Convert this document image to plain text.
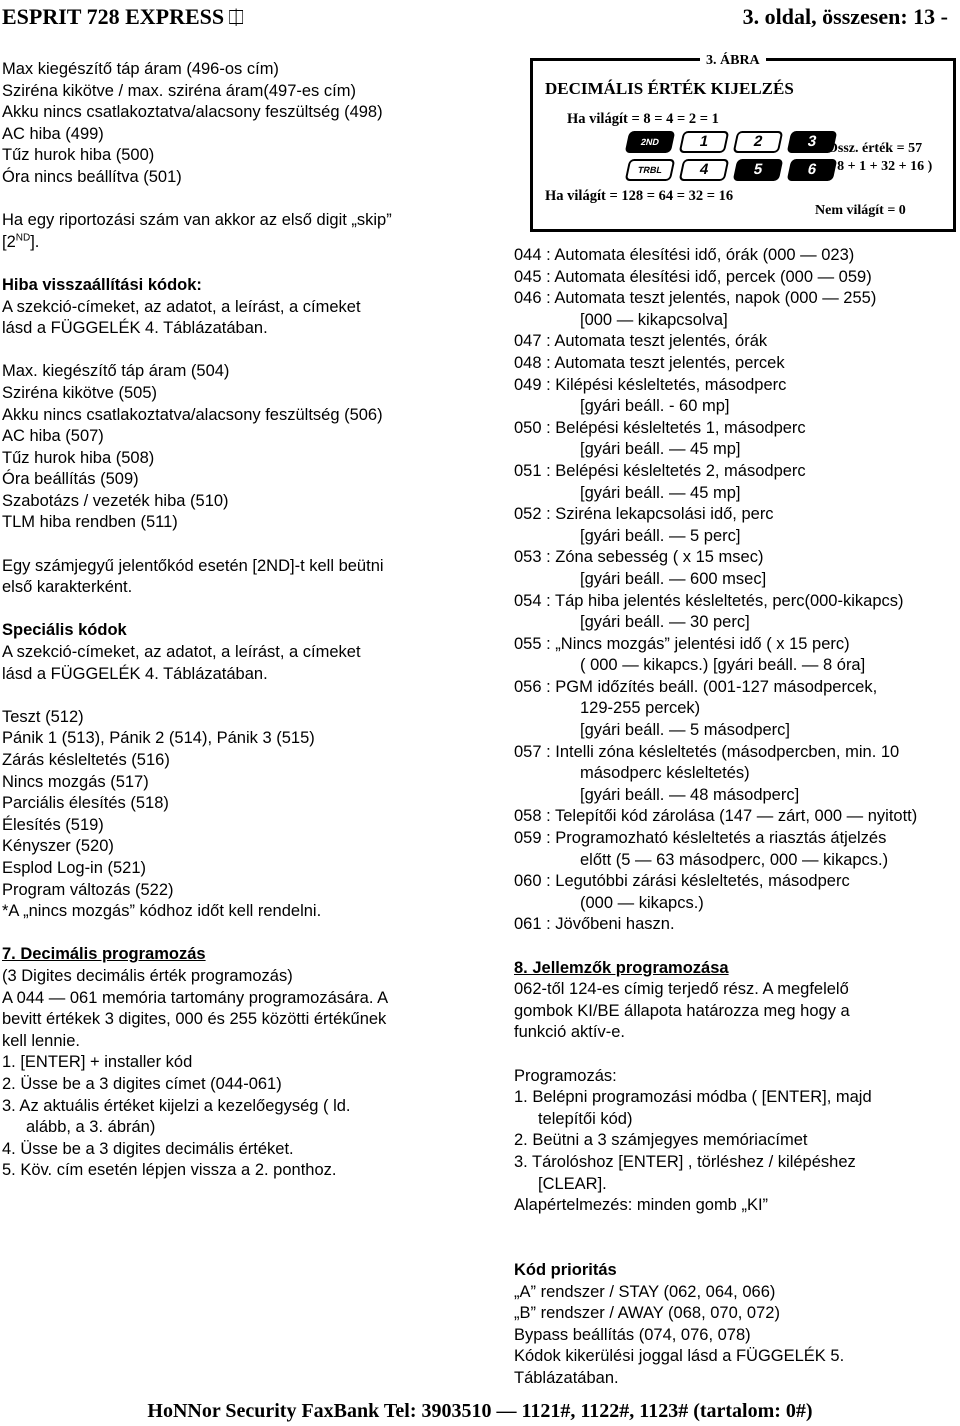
ESPRIT 728 EXPRESS ⎅	3. oldal, összesen: 13 -
Max kiegészítő táp áram (496-os cím)
Sziréna kikötve / max. sziréna áram(497-es cím)
Akku nincs csatlakoztatva/alacsony feszültség (498)
AC hiba (499)
Tűz hurok hiba (500)
Óra nincs beállítva (501)
Ha egy riportozási szám van akkor az első digit „skip”
[2ND].
Hiba visszaállítási kódok:
A szekció-címeket, az adatot, a leírást, a címeket
lásd a FÜGGELÉK 4. Táblázatában.
Max. kiegészítő táp áram (504)
Sziréna kikötve (505)
Akku nincs csatlakoztatva/alacsony feszültség (506)
AC hiba (507)
Tűz hurok hiba (508)
Óra beállítás (509)
Szabotázs / vezeték hiba (510)
TLM hiba rendben (511)
Egy számjegyű jelentőkód esetén [2ND]-t kell beütni
első karakterként.
Speciális kódok
A szekció-címeket, az adatot, a leírást, a címeket
lásd a FÜGGELÉK 4. Táblázatában.
Teszt (512)
Pánik 1 (513), Pánik 2 (514), Pánik 3 (515)
Zárás késleltetés (516)
Nincs mozgás (517)
Parciális élesítés (518)
Élesítés (519)
Kényszer (520)
Esplod Log-in (521)
Program változás (522)
*A „nincs mozgás” kódhoz időt kell rendelni.
7. Decimális programozás
(3 Digites decimális érték programozás)
A 044 — 061 memória tartomány programozására. A
bevitt értékek 3 digites, 000 és 255 közötti értékűnek
kell lennie.
1. [ENTER] + installer kód
2. Üsse be a 3 digites címet (044-061)
3. Az aktuális értéket kijelzi a kezelőegység ( ld.
alább, a 3. ábrán)
4. Üsse be a 3 digites decimális értéket.
5. Köv. cím esetén lépjen vissza a 2. ponthoz.
DECIMÁLIS ÉRTÉK KIJELZÉS
Ha világít = 8 = 4 = 2 = 1
2ND	1	2	3
TRBL	4	5	6
Össz. érték = 57
( 8 + 1 + 32 + 16 )
Ha világít = 128 = 64 = 32 = 16
Nem világít = 0
3. ÁBRA
044 : Automata élesítési idő, órák (000 — 023)
045 : Automata élesítési idő, percek (000 — 059)
046 : Automata teszt jelentés, napok (000 — 255)
[000 — kikapcsolva]
047 : Automata teszt jelentés, órák
048 : Automata teszt jelentés, percek
049 : Kilépési késleltetés, másodperc
[gyári beáll. - 60 mp]
050 : Belépési késleltetés 1, másodperc
[gyári beáll. — 45 mp]
051 : Belépési késleltetés 2, másodperc
[gyári beáll. — 45 mp]
052 : Sziréna lekapcsolási idő, perc
[gyári beáll. — 5 perc]
053 : Zóna sebesség ( x 15 msec)
[gyári beáll. — 600 msec]
054 : Táp hiba jelentés késleltetés, perc(000-kikapcs)
[gyári beáll. — 30 perc]
055 : „Nincs mozgás” jelentési idő ( x 15 perc)
( 000 — kikapcs.) [gyári beáll. — 8 óra]
056 : PGM időzítés beáll. (001-127 másodpercek,
129-255 percek)
[gyári beáll. — 5 másodperc]
057 : Intelli zóna késleltetés (másodpercben, min. 10
másodperc késleltetés)
[gyári beáll. — 48 másodperc]
058 : Telepítői kód zárolása (147 — zárt, 000 — nyitott)
059 : Programozható késleltetés a riasztás átjelzés
előtt (5 — 63 másodperc, 000 — kikapcs.)
060 : Legutóbbi zárási késleltetés, másodperc
(000 — kikapcs.)
061 : Jövőbeni haszn.
8. Jellemzők programozása
062-től 124-es címig terjedő rész. A megfelelő
gombok KI/BE állapota határozza meg hogy a
funkció aktív-e.
Programozás:
1. Belépni programozási módba ( [ENTER], majd
telepítői kód)
2. Beütni a 3 számjegyes memóriacímet
3. Tárolóshoz [ENTER] , törléshez / kilépéshez
[CLEAR].
Alapértelmezés: minden gomb „KI”
Kód prioritás
„A” rendszer / STAY (062, 064, 066)
„B” rendszer / AWAY (068, 070, 072)
Bypass beállítás (074, 076, 078)
Kódok kikerülési joggal lásd a FÜGGELÉK 5.
Táblázatában.
HoNNor Security FaxBank Tel: 3903510 — 1121#, 1122#, 1123# (tartalom: 0#)
